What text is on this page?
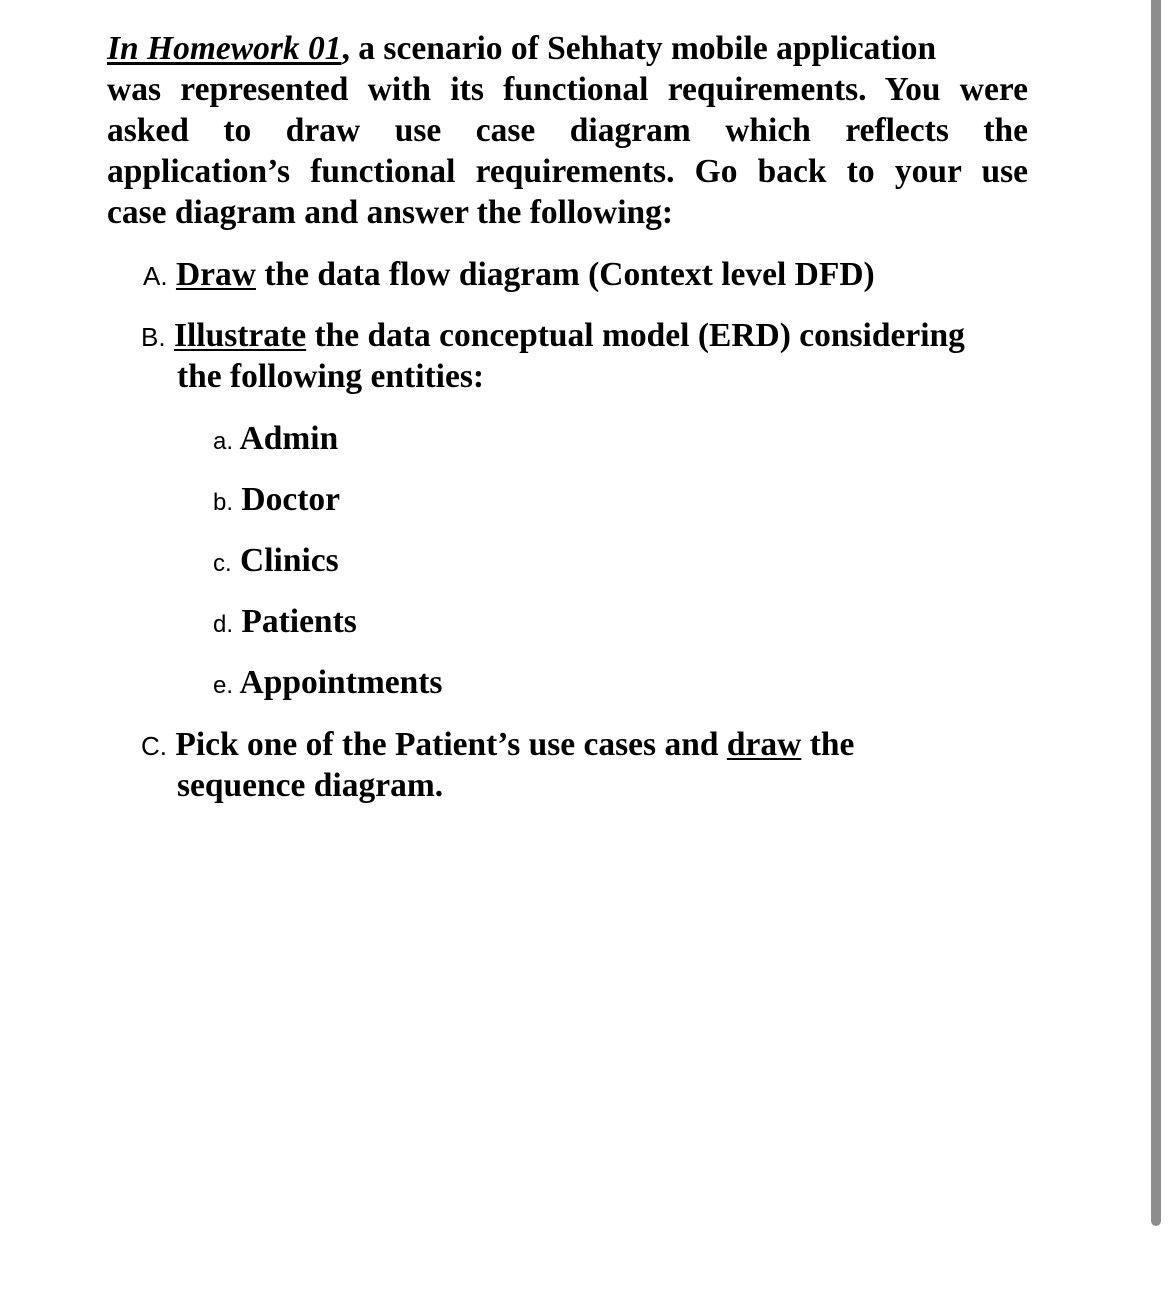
In Homework 01, a scenario of Sehhaty mobile application
was represented with its functional requirements. You were
asked to draw use case diagram which reflects the
application’s functional requirements. Go back to your use
case diagram and answer the following:
A. Draw the data flow diagram (Context level DFD)
B. Illustrate the data conceptual model (ERD) considering
the following entities:
a. Admin
b. Doctor
c. Clinics
d. Patients
e. Appointments
C. Pick one of the Patient’s use cases and draw the
sequence diagram.
